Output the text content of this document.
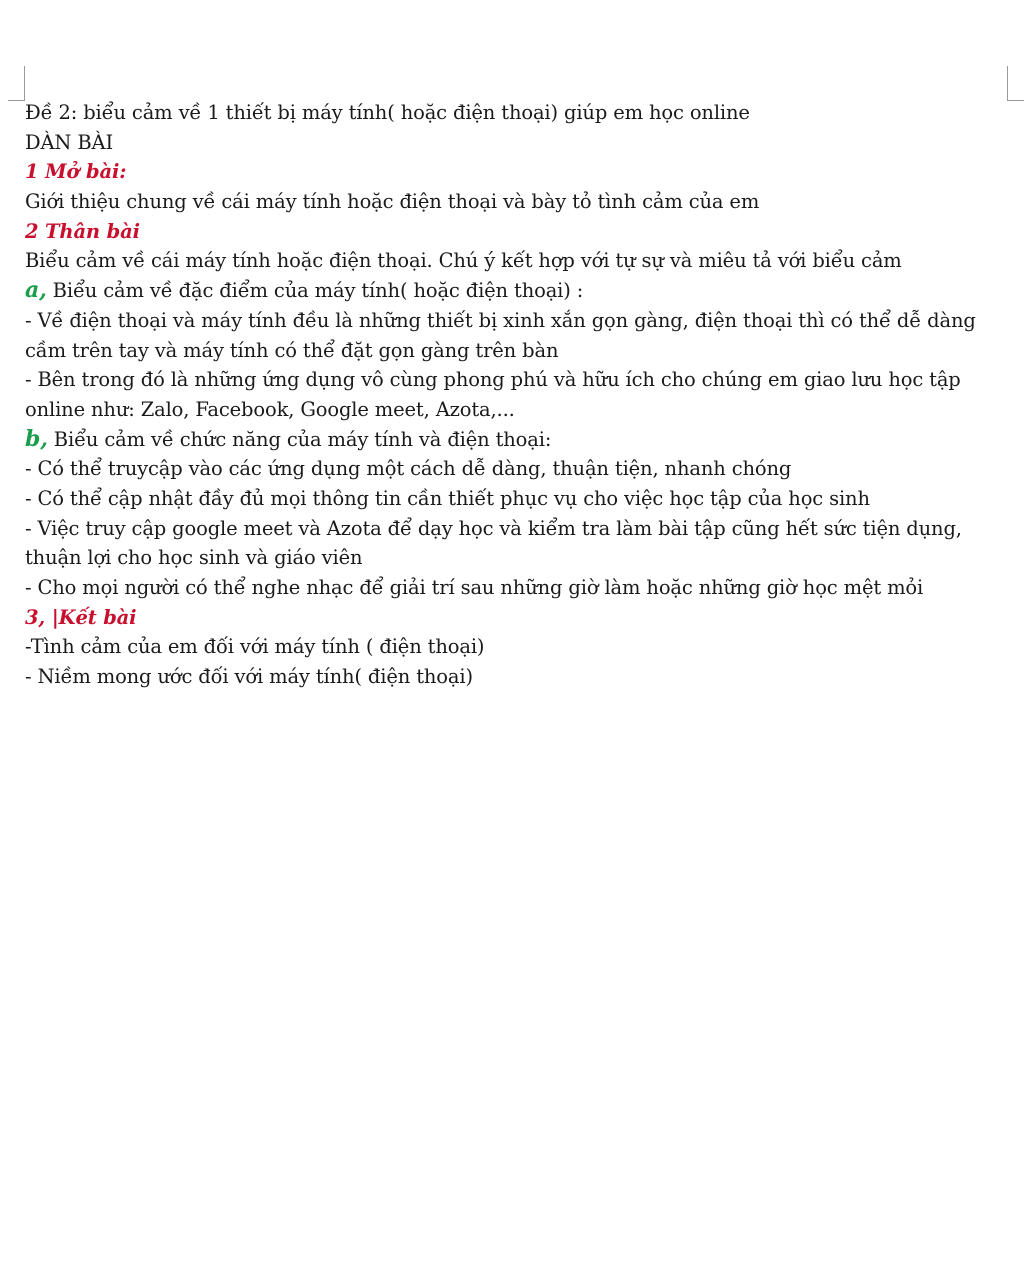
Đề 2: biểu cảm về 1 thiết bị máy tính( hoặc điện thoại) giúp em học online
DÀN BÀI
1 Mở bài:
Giới thiệu chung về cái máy tính hoặc điện thoại và bày tỏ tình cảm của em
2 Thân bài
Biểu cảm về cái máy tính hoặc điện thoại. Chú ý kết hợp với tự sự và miêu tả với biểu cảm
a, Biểu cảm về đặc điểm của máy tính( hoặc điện thoại) :
- Về điện thoại và máy tính đều là những thiết bị xinh xắn gọn gàng, điện thoại thì có thể dễ dàng
cầm trên tay và máy tính có thể đặt gọn gàng trên bàn
- Bên trong đó là những ứng dụng vô cùng phong phú và hữu ích cho chúng em giao lưu học tập
online như: Zalo, Facebook, Google meet, Azota,...
b, Biểu cảm về chức năng của máy tính và điện thoại:
- Có thể truycập vào các ứng dụng một cách dễ dàng, thuận tiện, nhanh chóng
- Có thể cập nhật đầy đủ mọi thông tin cần thiết phục vụ cho việc học tập của học sinh
- Việc truy cập google meet và Azota để dạy học và kiểm tra làm bài tập cũng hết sức tiện dụng,
thuận lợi cho học sinh và giáo viên
- Cho mọi người có thể nghe nhạc để giải trí sau những giờ làm hoặc những giờ học mệt mỏi
3, |Kết bài
-Tình cảm của em đối với máy tính ( điện thoại)
- Niềm mong ước đối với máy tính( điện thoại)
